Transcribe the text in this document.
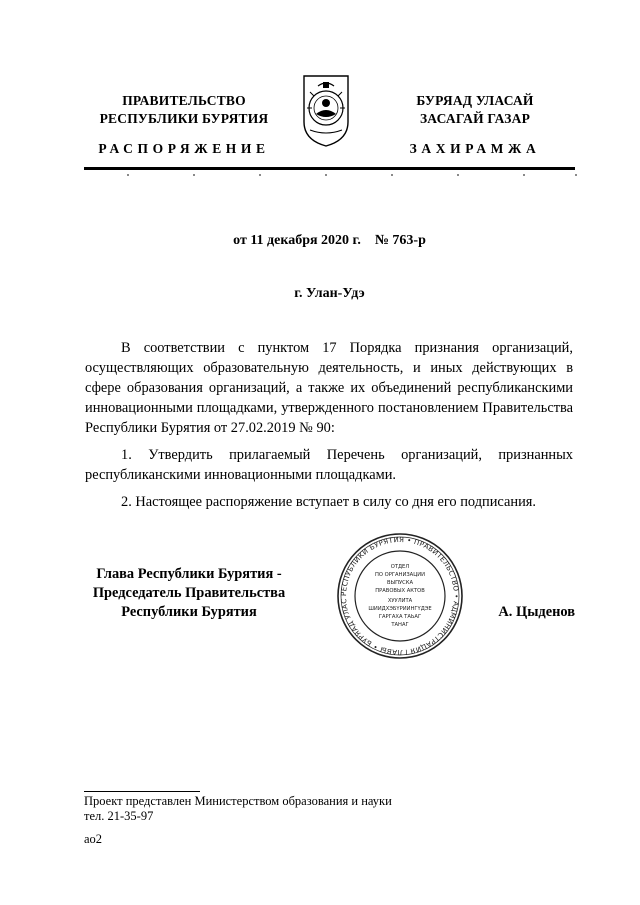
ПРАВИТЕЛЬСТВО
РЕСПУБЛИКИ БУРЯТИЯ
РАСПОРЯЖЕНИЕ
БУРЯАД УЛАСАЙ
ЗАСАГАЙ ГАЗАР
ЗАХИРАМЖА
от 11 декабря 2020 г.    № 763-р
г. Улан-Удэ
В соответствии с пунктом 17 Порядка признания организаций, осуществляющих образовательную деятельность, и иных действующих в сфере образования организаций, а также их объединений республиканскими инновационными площадками, утвержденного постановлением Правительства Республики Бурятия от 27.02.2019 № 90:
1. Утвердить прилагаемый Перечень организаций, признанных республиканскими инновационными площадками.
2. Настоящее распоряжение вступает в силу со дня его подписания.
Глава Республики Бурятия -
Председатель Правительства
Республики Бурятия
РЕСПУБЛИКИ БУРЯТИЯ • ПРАВИТЕЛЬСТВО • АДМИНИСТРАЦИЯ ГЛАВЫ • БУРЯАД УЛАС
ОТДЕЛ
ПО ОРГАНИЗАЦИИ
ВЫПУСКА
ПРАВОВЫХ АКТОВ
ХУУЛИТА
ШИИДХЭБҮРИИНГҮДЭЕ
ГАРГАХА ТАЬАГ
ТАНАГ
А. Цыденов
Проект представлен Министерством образования и науки
тел. 21-35-97
ао2
